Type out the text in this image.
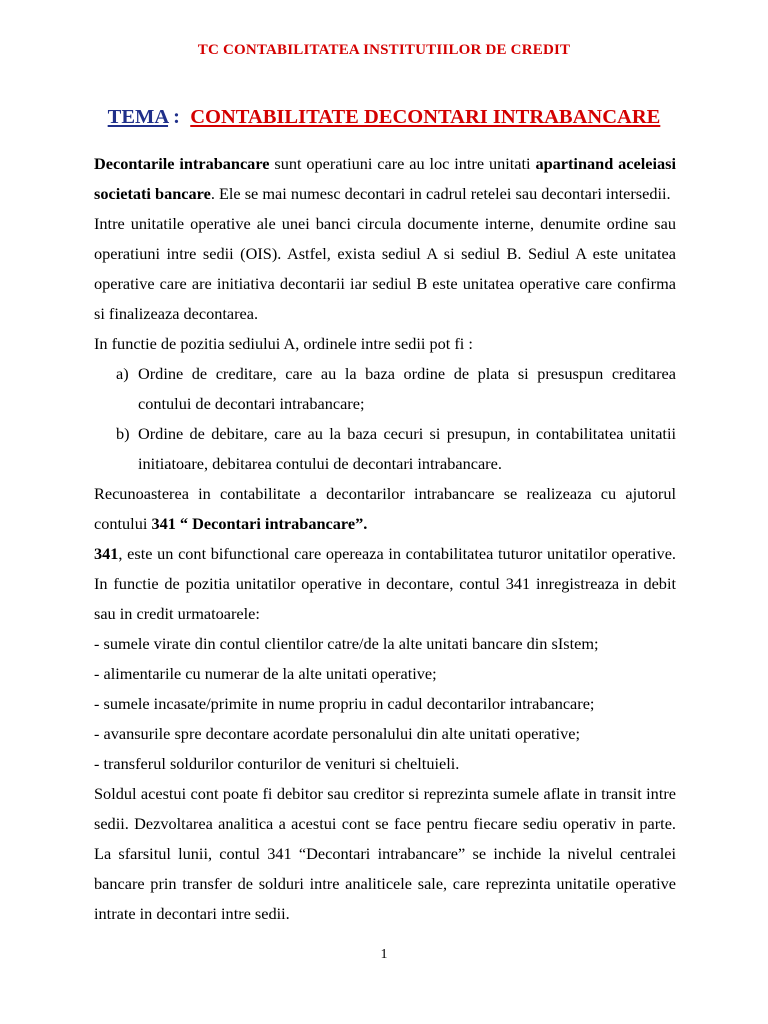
TC CONTABILITATEA INSTITUTIILOR DE CREDIT
TEMA : CONTABILITATE DECONTARI INTRABANCARE

Decontarile intrabancare sunt operatiuni care au loc intre unitati apartinand aceleiasi societati bancare. Ele se mai numesc decontari in cadrul retelei sau decontari intersedii.

Intre unitatile operative ale unei banci circula documente interne, denumite ordine sau operatiuni intre sedii (OIS). Astfel, exista sediul A si sediul B. Sediul A este unitatea operative care are initiativa decontarii iar sediul B este unitatea operative care confirma si finalizeaza decontarea.

In functie de pozitia sediului A, ordinele intre sedii pot fi :

a) Ordine de creditare, care au la baza ordine de plata si presuspun creditarea contului de decontari intrabancare;
b) Ordine de debitare, care au la baza cecuri si presupun, in contabilitatea unitatii initiatoare, debitarea contului de decontari intrabancare.

Recunoasterea in contabilitate a decontarilor intrabancare se realizeaza cu ajutorul contului 341 “ Decontari intrabancare”.

341, este un cont bifunctional care opereaza in contabilitatea tuturor unitatilor operative. In functie de pozitia unitatilor operative in decontare, contul 341 inregistreaza in debit sau in credit urmatoarele:

- sumele virate din contul clientilor catre/de la alte unitati bancare din sIstem;

- alimentarile cu numerar de la alte unitati operative;

- sumele incasate/primite in nume propriu in cadul decontarilor intrabancare;

- avansurile spre decontare acordate personalului din alte unitati operative;

- transferul soldurilor conturilor de venituri si cheltuieli.

Soldul acestui cont poate fi debitor sau creditor si reprezinta sumele aflate in transit intre sedii. Dezvoltarea analitica a acestui cont se face pentru fiecare sediu operativ in parte. La sfarsitul lunii, contul 341 “Decontari intrabancare” se inchide la nivelul centralei bancare prin transfer de solduri intre analiticele sale, care reprezinta unitatile operative intrate in decontari intre sedii.

1
